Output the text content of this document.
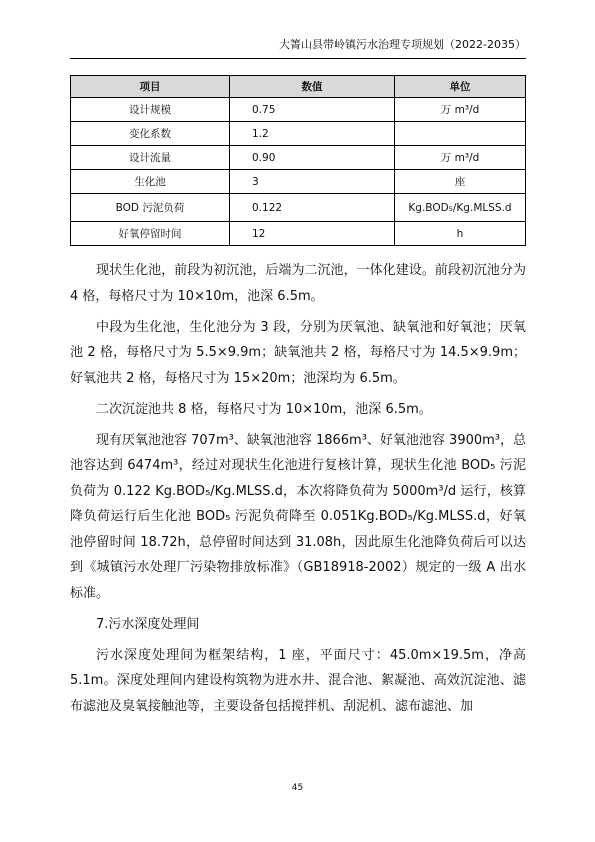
大箐山县带岭镇污水治理专项规划（2022-2035）
项目	数值	单位
设计规模	0.75	万 m³/d
变化系数	1.2	
设计流量	0.90	万 m³/d
生化池	3	座
BOD 污泥负荷	0.122	Kg.BOD₅/Kg.MLSS.d
好氧停留时间	12	h

现状生化池，前段为初沉池，后端为二沉池，一体化建设。前段初沉池分为 4 格，每格尺寸为 10×10m，池深 6.5m。

中段为生化池，生化池分为 3 段，分别为厌氧池、缺氧池和好氧池；厌氧池 2 格，每格尺寸为 5.5×9.9m；缺氧池共 2 格，每格尺寸为 14.5×9.9m；好氧池共 2 格，每格尺寸为 15×20m；池深均为 6.5m。

二次沉淀池共 8 格，每格尺寸为 10×10m，池深 6.5m。

现有厌氧池池容 707m³、缺氧池池容 1866m³、好氧池池容 3900m³，总池容达到 6474m³，经过对现状生化池进行复核计算，现状生化池 BOD₅ 污泥负荷为 0.122 Kg.BOD₅/Kg.MLSS.d，本次将降负荷为 5000m³/d 运行，核算降负荷运行后生化池 BOD₅ 污泥负荷降至 0.051Kg.BOD₅/Kg.MLSS.d，好氧池停留时间 18.72h，总停留时间达到 31.08h，因此原生化池降负荷后可以达到《城镇污水处理厂污染物排放标准》（GB18918-2002）规定的一级 A 出水标准。

7.污水深度处理间

污水深度处理间为框架结构，1 座，平面尺寸：45.0m×19.5m，净高 5.1m。深度处理间内建设构筑物为进水井、混合池、絮凝池、高效沉淀池、滤布滤池及臭氧接触池等，主要设备包括搅拌机、刮泥机、滤布滤池、加

45
